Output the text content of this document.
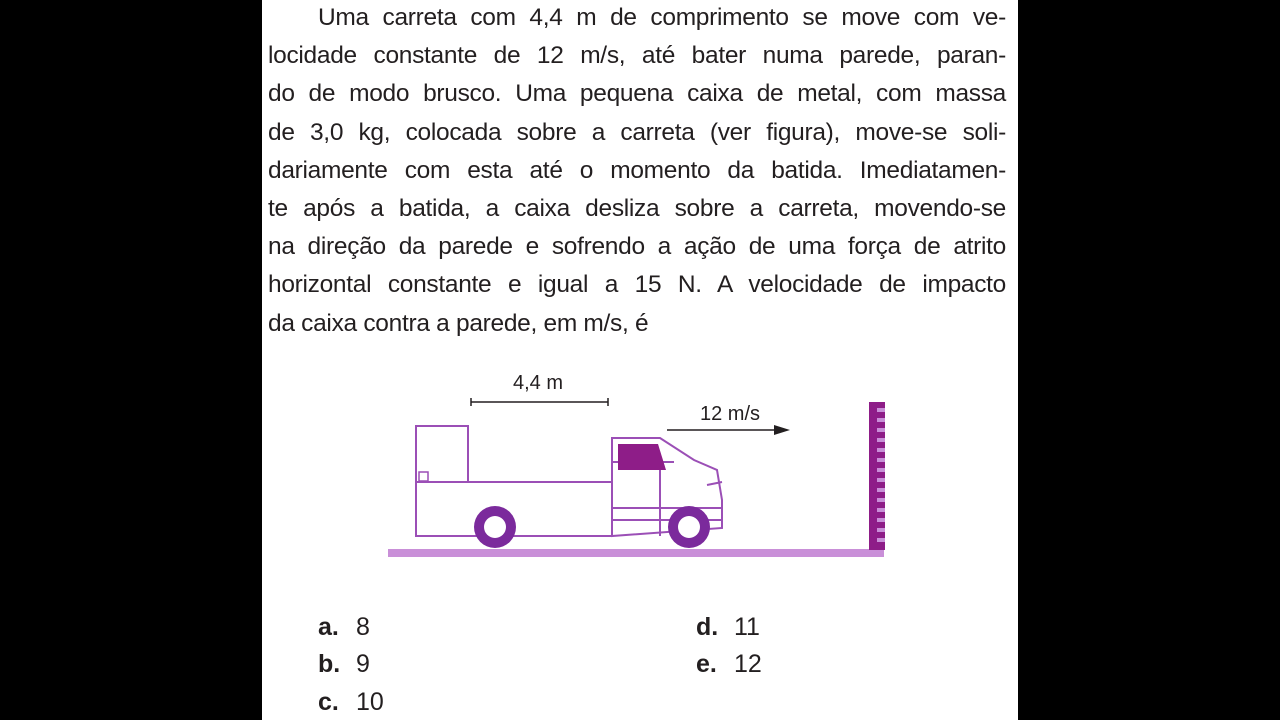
Uma carreta com 4,4 m de comprimento se move com ve-
locidade constante de 12 m/s, até bater numa parede, paran-
do de modo brusco. Uma pequena caixa de metal, com massa
de 3,0 kg, colocada sobre a carreta (ver figura), move-se soli-
dariamente com esta até o momento da batida. Imediatamen-
te após a batida, a caixa desliza sobre a carreta, movendo-se
na direção da parede e sofrendo a ação de uma força de atrito
horizontal constante e igual a 15 N. A velocidade de impacto
da caixa contra a parede, em m/s, é
4,4 m
12 m/s
a. 8
b. 9
c. 10
d. 11
e. 12
